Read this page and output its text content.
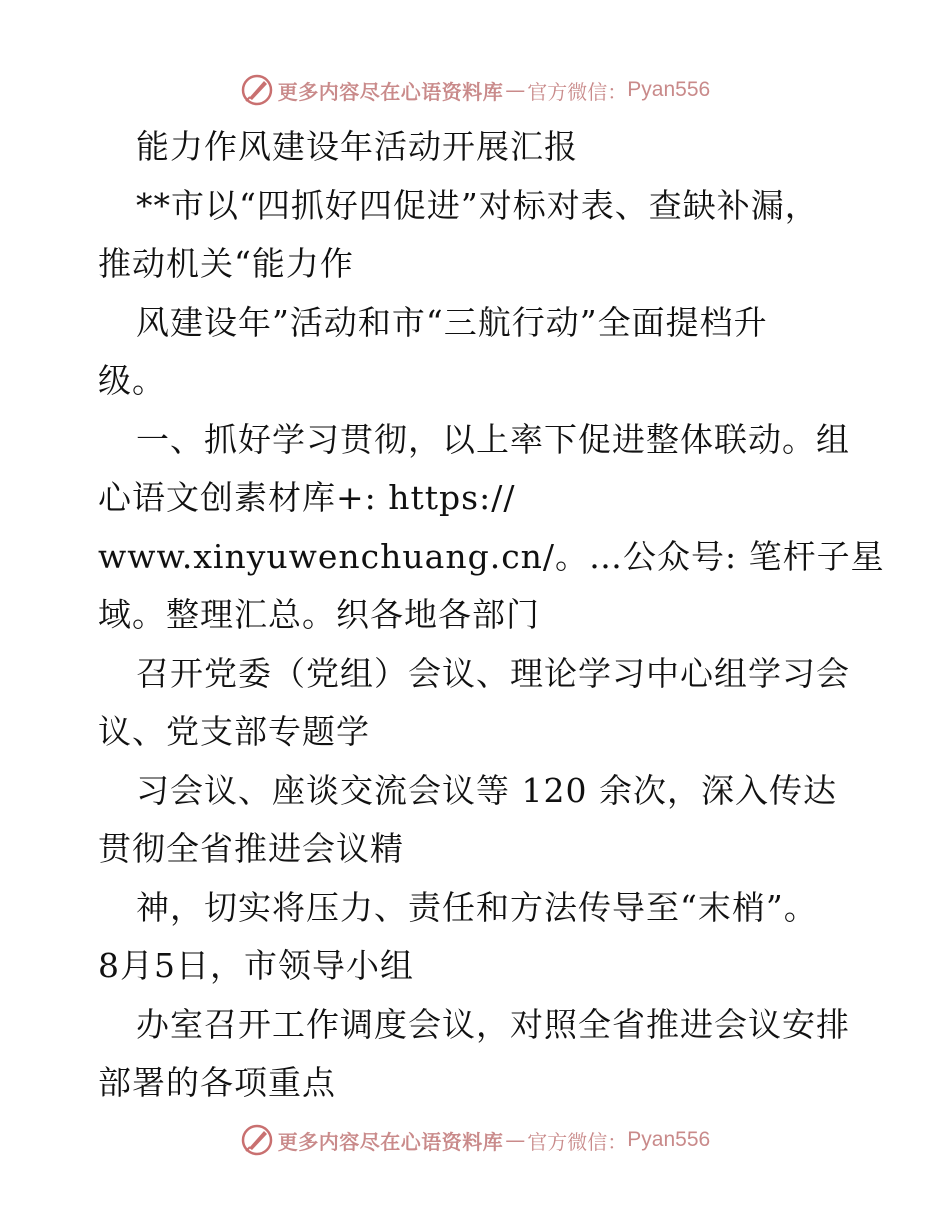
更多内容尽在心语资料库 — 官方微信： Pyan556
能力作风建设年活动开展汇报
**市以“四抓好四促进”对标对表、查缺补漏，
推动机关“能力作
风建设年”活动和市“三航行动”全面提档升
级。
一、抓好学习贯彻，以上率下促进整体联动。组
心语文创素材库+: https://
www.xinyuwenchuang.cn/。…公众号: 笔杆子星
域。整理汇总。织各地各部门
召开党委（党组）会议、理论学习中心组学习会
议、党支部专题学
习会议、座谈交流会议等 120 余次，深入传达
贯彻全省推进会议精
神，切实将压力、责任和方法传导至“末梢”。
8月5日，市领导小组
办室召开工作调度会议，对照全省推进会议安排
部署的各项重点
更多内容尽在心语资料库 — 官方微信： Pyan556
